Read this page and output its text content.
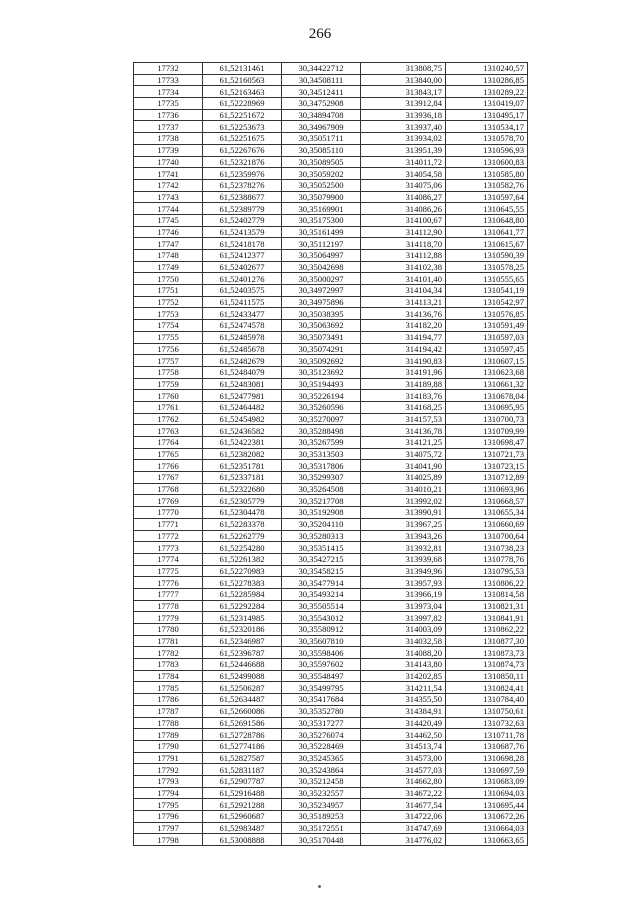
266
17732	61,52131461	30,34422712	313808,75	1310240,57
17733	61,52160563	30,34508111	313840,00	1310286,85
17734	61,52163463	30,34512411	313843,17	1310289,22
17735	61,52228969	30,34752908	313912,84	1310419,07
17736	61,52251672	30,34894708	313936,18	1310495,17
17737	61,52253673	30,34967909	313937,40	1310534,17
17738	61,52251675	30,35051711	313934,02	1310578,70
17739	61,52267676	30,35085110	313951,39	1310596,93
17740	61,52321876	30,35089505	314011,72	1310600,83
17741	61,52359976	30,35059202	314054,58	1310585,80
17742	61,52378276	30,35052500	314075,06	1310582,76
17743	61,52388677	30,35079900	314086,27	1310597,64
17744	61,52389779	30,35169901	314086,26	1310645,55
17745	61,52402779	30,35175300	314100,67	1310648,80
17746	61,52413579	30,35161499	314112,90	1310641,77
17747	61,52418178	30,35112197	314118,70	1310615,67
17748	61,52412377	30,35064997	314112,88	1310590,39
17749	61,52402677	30,35042698	314102,38	1310578,25
17750	61,52401276	30,35000297	314101,40	1310555,65
17751	61,52403575	30,34972997	314104,34	1310541,19
17752	61,52411575	30,34975896	314113,21	1310542,97
17753	61,52433477	30,35038395	314136,76	1310576,85
17754	61,52474578	30,35063692	314182,20	1310591,49
17755	61,52485978	30,35073491	314194,77	1310597,03
17756	61,52485678	30,35074291	314194,42	1310597,45
17757	61,52482679	30,35092692	314190,83	1310607,15
17758	61,52484079	30,35123692	314191,96	1310623,68
17759	61,52483081	30,35194493	314189,88	1310661,32
17760	61,52477981	30,35226194	314183,76	1310678,04
17761	61,52464482	30,35260596	314168,25	1310695,95
17762	61,52454982	30,35270097	314157,53	1310700,73
17763	61,52436582	30,35288498	314136,78	1310709,99
17764	61,52422381	30,35267599	314121,25	1310698,47
17765	61,52382082	30,35313503	314075,72	1310721,73
17766	61,52351781	30,35317806	314041,90	1310723,15
17767	61,52337181	30,35299307	314025,89	1310712,89
17768	61,52322680	30,35264508	314010,21	1310693,96
17769	61,52305779	30,35217708	313992,02	1310668,57
17770	61,52304478	30,35192908	313990,91	1310655,34
17771	61,52283378	30,35204110	313967,25	1310660,69
17772	61,52262779	30,35280313	313943,26	1310700,64
17773	61,52254280	30,35351415	313932,81	1310738,23
17774	61,52261382	30,35427215	313939,68	1310778,76
17775	61,52270983	30,35458215	313949,96	1310795,53
17776	61,52278383	30,35477914	313957,93	1310806,22
17777	61,52285984	30,35493214	313966,19	1310814,58
17778	61,52292284	30,35505514	313973,04	1310821,31
17779	61,52314985	30,35543012	313997,82	1310841,91
17780	61,52320186	30,35580912	314003,09	1310862,22
17781	61,52346987	30,35607810	314032,58	1310877,30
17782	61,52396787	30,35598406	314088,20	1310873,73
17783	61,52446688	30,35597602	314143,80	1310874,73
17784	61,52499088	30,35548497	314202,85	1310850,11
17785	61,52506287	30,35499795	314211,54	1310824,41
17786	61,52634487	30,35417684	314355,50	1310784,40
17787	61,52660086	30,35352780	314384,91	1310750,61
17788	61,52691586	30,35317277	314420,49	1310732,63
17789	61,52728786	30,35276074	314462,50	1310711,78
17790	61,52774186	30,35228469	314513,74	1310687,76
17791	61,52827587	30,35245365	314573,00	1310698,28
17792	61,52831187	30,35243864	314577,03	1310697,59
17793	61,52907787	30,35212458	314662,80	1310683,09
17794	61,52916488	30,35232557	314672,22	1310694,03
17795	61,52921288	30,35234957	314677,54	1310695,44
17796	61,52960687	30,35189253	314722,06	1310672,26
17797	61,52983487	30,35172551	314747,69	1310664,03
17798	61,53008888	30,35170448	314776,02	1310663,65
